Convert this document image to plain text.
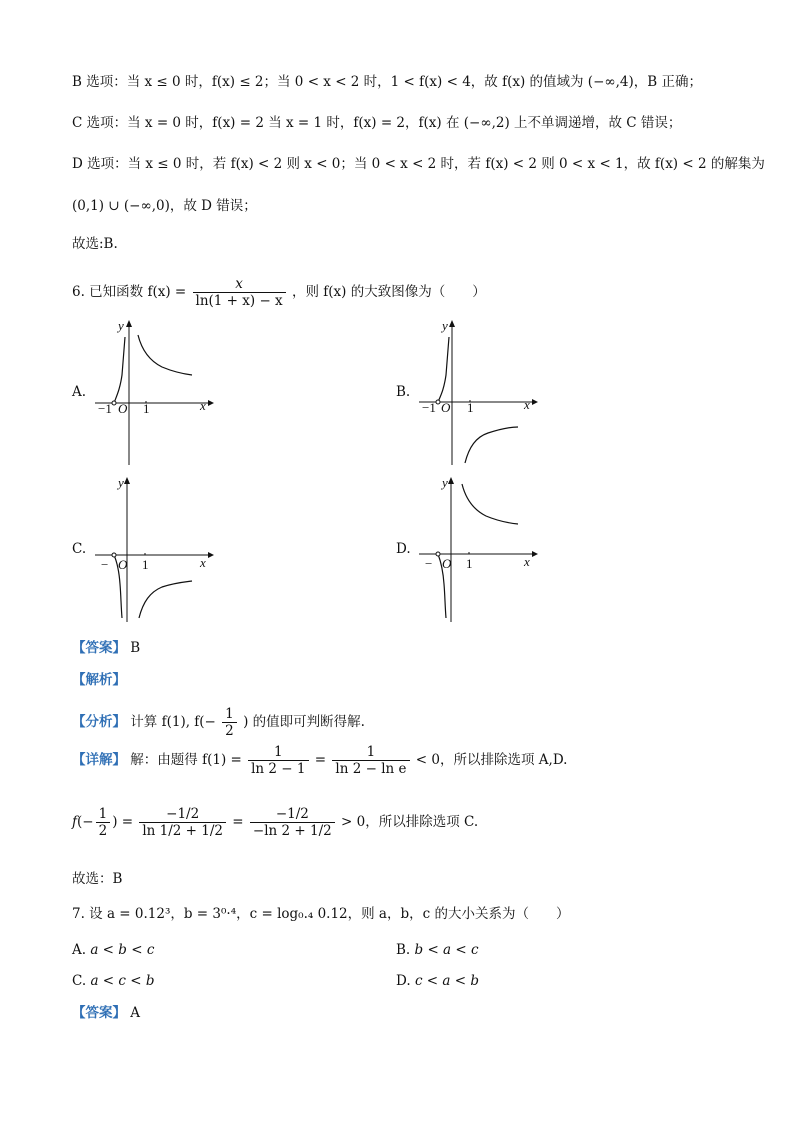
B 选项：当 x ≤ 0 时，f(x) ≤ 2；当 0 < x < 2 时，1 < f(x) < 4，故 f(x) 的值域为 (−∞,4)，B 正确；
C 选项：当 x = 0 时，f(x) = 2 当 x = 1 时，f(x) = 2，f(x) 在 (−∞,2) 上不单调递增，故 C 错误；
D 选项：当 x ≤ 0 时，若 f(x) < 2 则 x < 0；当 0 < x < 2 时，若 f(x) < 2 则 0 < x < 1，故 f(x) < 2 的解集为
(0,1) ∪ (−∞,0)，故 D 错误；
故选:B.
6. 已知函数 $f(x) = \frac{x}{\ln(1 + x) - x}$ ，则 f(x) 的大致图像为（　　）
A.	B.
C.	D.
y
x
−1 O 1
y
x
−1 O 1
y
x
− O 1
y
x
− O 1
【答案】 B
【解析】
【分析】 计算 f(1), $f(- \frac{1}{2}$ ) 的值即可判断得解.
【详解】 解：由题得 $f(1) = \frac{1}{\ln 2 - 1} = \frac{1}{\text{ln 2 − ln e}} < 0$，所以排除选项 A,D.
$f(- \frac{1}{2}$ ) = $\frac{-1/2}{\ln 1/2 + 1/2} = \frac{-1/2}{-\ln 2 + 1/2} > 0$，所以排除选项 C.
故选：B
7. 设 a = 0.12³，b = 3⁰·⁴，c = log₀.₄ 0.12，则 a，b，c 的大小关系为（　　）
A. a < b < c	B. b < a < c
C. a < c < b	D. c < a < b
【答案】 A
